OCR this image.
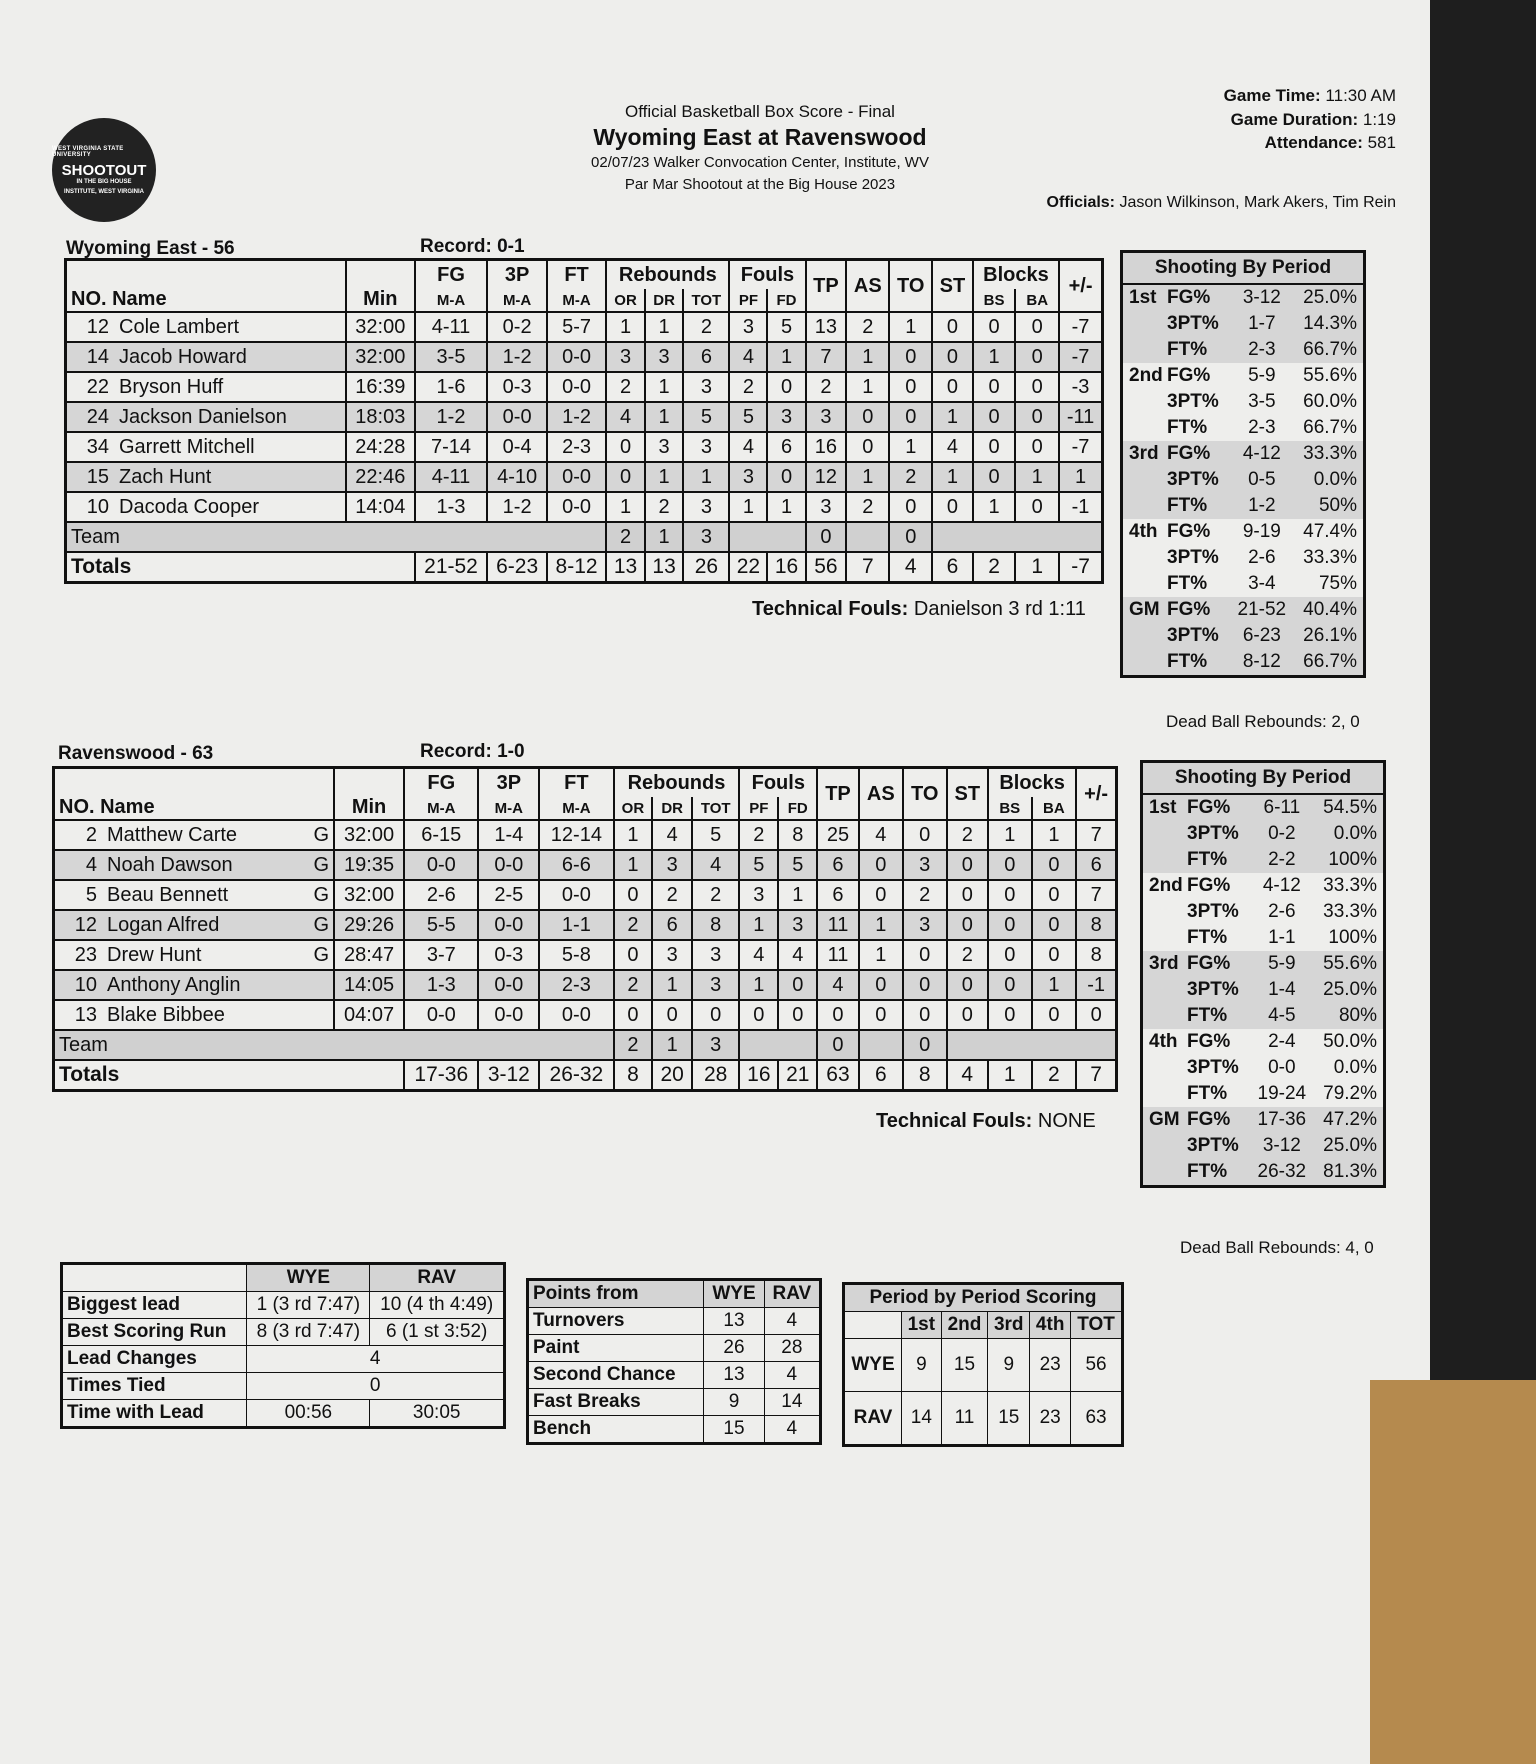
WEST VIRGINIA STATE UNIVERSITY
SHOOTOUT
IN THE BIG HOUSE
INSTITUTE, WEST VIRGINIA
Official Basketball Box Score - Final
Wyoming East at Ravenswood
02/07/23 Walker Convocation Center, Institute, WV
Par Mar Shootout at the Big House 2023
Game Time: 11:30 AM
Game Duration: 1:19
Attendance: 581
Officials: Jason Wilkinson, Mark Akers, Tim Rein
Wyoming East - 56	Record: 0-1
NO. Name	Min	FG	3P	FT	Rebounds			Fouls		TP	AS	TO	ST	Blocks		+/-
		M-A	M-A	M-A	OR	DR	TOT	PF	FD					BS	BA	
12 Cole Lambert	32:00	4-11	0-2	5-7	1	1	2	3	5	13	2	1	0	0	0	-7
14 Jacob Howard	32:00	3-5	1-2	0-0	3	3	6	4	1	7	1	0	0	1	0	-7
22 Bryson Huff	16:39	1-6	0-3	0-0	2	1	3	2	0	2	1	0	0	0	0	-3
24 Jackson Danielson	18:03	1-2	0-0	1-2	4	1	5	5	3	3	0	0	1	0	0	-11
34 Garrett Mitchell	24:28	7-14	0-4	2-3	0	3	3	4	6	16	0	1	4	0	0	-7
15 Zach Hunt	22:46	4-11	4-10	0-0	0	1	1	3	0	12	1	2	1	0	1	1
10 Dacoda Cooper	14:04	1-3	1-2	0-0	1	2	3	1	1	3	2	0	0	1	0	-1
Team					2	1	3			0		0				
Totals		21-52	6-23	8-12	13	13	26	22	16	56	7	4	6	2	1	-7
Technical Fouls: Danielson 3 rd 1:11
Shooting By Period		
1st FG%	3-12	25.0%
3PT%	1-7	14.3%
FT%	2-3	66.7%
2nd FG%	5-9	55.6%
3PT%	3-5	60.0%
FT%	2-3	66.7%
3rd FG%	4-12	33.3%
3PT%	0-5	0.0%
FT%	1-2	50%
4th FG%	9-19	47.4%
3PT%	2-6	33.3%
FT%	3-4	75%
GM FG%	21-52	40.4%
3PT%	6-23	26.1%
FT%	8-12	66.7%
Dead Ball Rebounds: 2, 0
Ravenswood - 63	Record: 1-0
NO. Name	Min	FG	3P	FT	Rebounds			Fouls		TP	AS	TO	ST	Blocks		+/-
		M-A	M-A	M-A	OR	DR	TOT	PF	FD					BS	BA	
2 Matthew Carte G	32:00	6-15	1-4	12-14	1	4	5	2	8	25	4	0	2	1	1	7
4 Noah Dawson G	19:35	0-0	0-0	6-6	1	3	4	5	5	6	0	3	0	0	0	6
5 Beau Bennett G	32:00	2-6	2-5	0-0	0	2	2	3	1	6	0	2	0	0	0	7
12 Logan Alfred G	29:26	5-5	0-0	1-1	2	6	8	1	3	11	1	3	0	0	0	8
23 Drew Hunt G	28:47	3-7	0-3	5-8	0	3	3	4	4	11	1	0	2	0	0	8
10 Anthony Anglin	14:05	1-3	0-0	2-3	2	1	3	1	0	4	0	0	0	0	1	-1
13 Blake Bibbee	04:07	0-0	0-0	0-0	0	0	0	0	0	0	0	0	0	0	0	0
Team					2	1	3			0		0				
Totals		17-36	3-12	26-32	8	20	28	16	21	63	6	8	4	1	2	7
Technical Fouls: NONE
Shooting By Period		
1st FG%	6-11	54.5%
3PT%	0-2	0.0%
FT%	2-2	100%
2nd FG%	4-12	33.3%
3PT%	2-6	33.3%
FT%	1-1	100%
3rd FG%	5-9	55.6%
3PT%	1-4	25.0%
FT%	4-5	80%
4th FG%	2-4	50.0%
3PT%	0-0	0.0%
FT%	19-24	79.2%
GM FG%	17-36	47.2%
3PT%	3-12	25.0%
FT%	26-32	81.3%
Dead Ball Rebounds: 4, 0
	WYE	RAV
Biggest lead	1 (3 rd 7:47)	10 (4 th 4:49)
Best Scoring Run	8 (3 rd 7:47)	6 (1 st 3:52)
Lead Changes	4	
Times Tied	0	
Time with Lead	00:56	30:05
Points from	WYE	RAV
Turnovers	13	4
Paint	26	28
Second Chance	13	4
Fast Breaks	9	14
Bench	15	4
Period by Period Scoring					
	1st	2nd	3rd	4th	TOT
WYE	9	15	9	23	56
RAV	14	11	15	23	63
